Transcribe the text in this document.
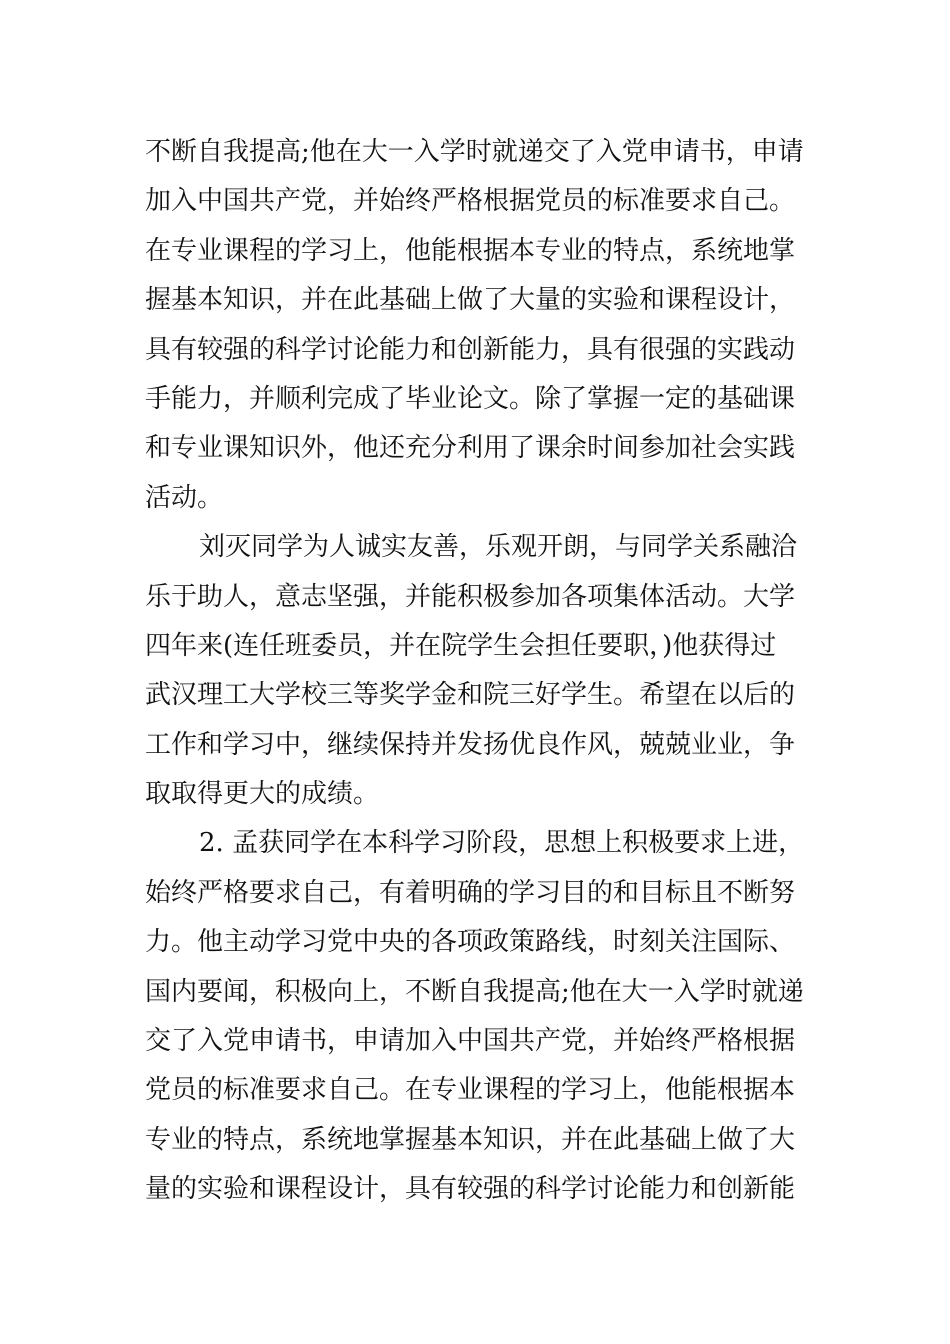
不断自我提高;他在大一入学时就递交了入党申请书，申请
加入中国共产党，并始终严格根据党员的标准要求自己。
在专业课程的学习上，他能根据本专业的特点，系统地掌
握基本知识，并在此基础上做了大量的实验和课程设计，
具有较强的科学讨论能力和创新能力，具有很强的实践动
手能力，并顺利完成了毕业论文。除了掌握一定的基础课
和专业课知识外，他还充分利用了课余时间参加社会实践
活动。
刘灭同学为人诚实友善，乐观开朗，与同学关系融洽
乐于助人，意志坚强，并能积极参加各项集体活动。大学
四年来(连任班委员，并在院学生会担任要职，)他获得过
武汉理工大学校三等奖学金和院三好学生。希望在以后的
工作和学习中，继续保持并发扬优良作风，兢兢业业，争
取取得更大的成绩。
2. 孟获同学在本科学习阶段，思想上积极要求上进，
始终严格要求自己，有着明确的学习目的和目标且不断努
力。他主动学习党中央的各项政策路线，时刻关注国际、
国内要闻，积极向上，不断自我提高;他在大一入学时就递
交了入党申请书，申请加入中国共产党，并始终严格根据
党员的标准要求自己。在专业课程的学习上，他能根据本
专业的特点，系统地掌握基本知识，并在此基础上做了大
量的实验和课程设计，具有较强的科学讨论能力和创新能
